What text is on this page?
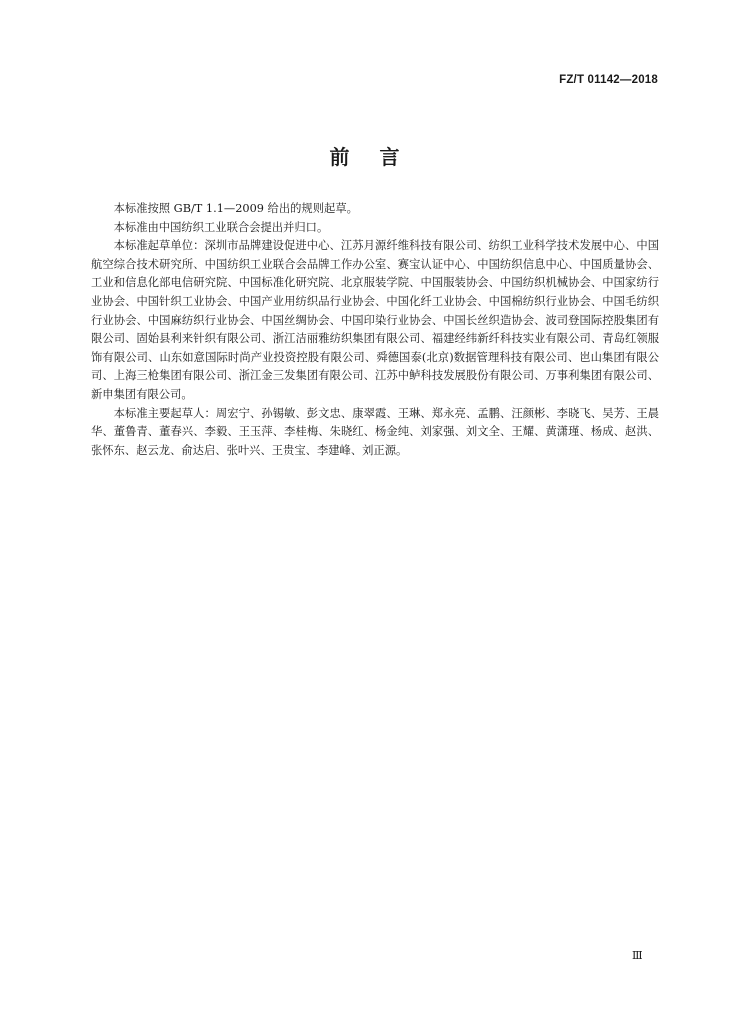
FZ/T 01142—2018
前言

本标准按照 GB/T 1.1—2009 给出的规则起草。

本标准由中国纺织工业联合会提出并归口。

本标准起草单位：深圳市品牌建设促进中心、江苏月源纤维科技有限公司、纺织工业科学技术发展中心、中国航空综合技术研究所、中国纺织工业联合会品牌工作办公室、赛宝认证中心、中国纺织信息中心、中国质量协会、工业和信息化部电信研究院、中国标准化研究院、北京服装学院、中国服装协会、中国纺织机械协会、中国家纺行业协会、中国针织工业协会、中国产业用纺织品行业协会、中国化纤工业协会、中国棉纺织行业协会、中国毛纺织行业协会、中国麻纺织行业协会、中国丝绸协会、中国印染行业协会、中国长丝织造协会、波司登国际控股集团有限公司、固始县利来针织有限公司、浙江洁丽雅纺织集团有限公司、福建经纬新纤科技实业有限公司、青岛红领服饰有限公司、山东如意国际时尚产业投资控股有限公司、舜德国泰(北京)数据管理科技有限公司、岜山集团有限公司、上海三枪集团有限公司、浙江金三发集团有限公司、江苏中鲈科技发展股份有限公司、万事利集团有限公司、新申集团有限公司。

本标准主要起草人：周宏宁、孙锡敏、彭文忠、康翠霞、王琳、郑永亮、孟鹏、汪颜彬、李晓飞、吴芳、王晨华、董鲁青、董春兴、李毅、王玉萍、李桂梅、朱晓红、杨金纯、刘家强、刘文全、王耀、黄潇瑾、杨成、赵洪、张怀东、赵云龙、俞达启、张叶兴、王贵宝、李建峰、刘正源。

Ⅲ
